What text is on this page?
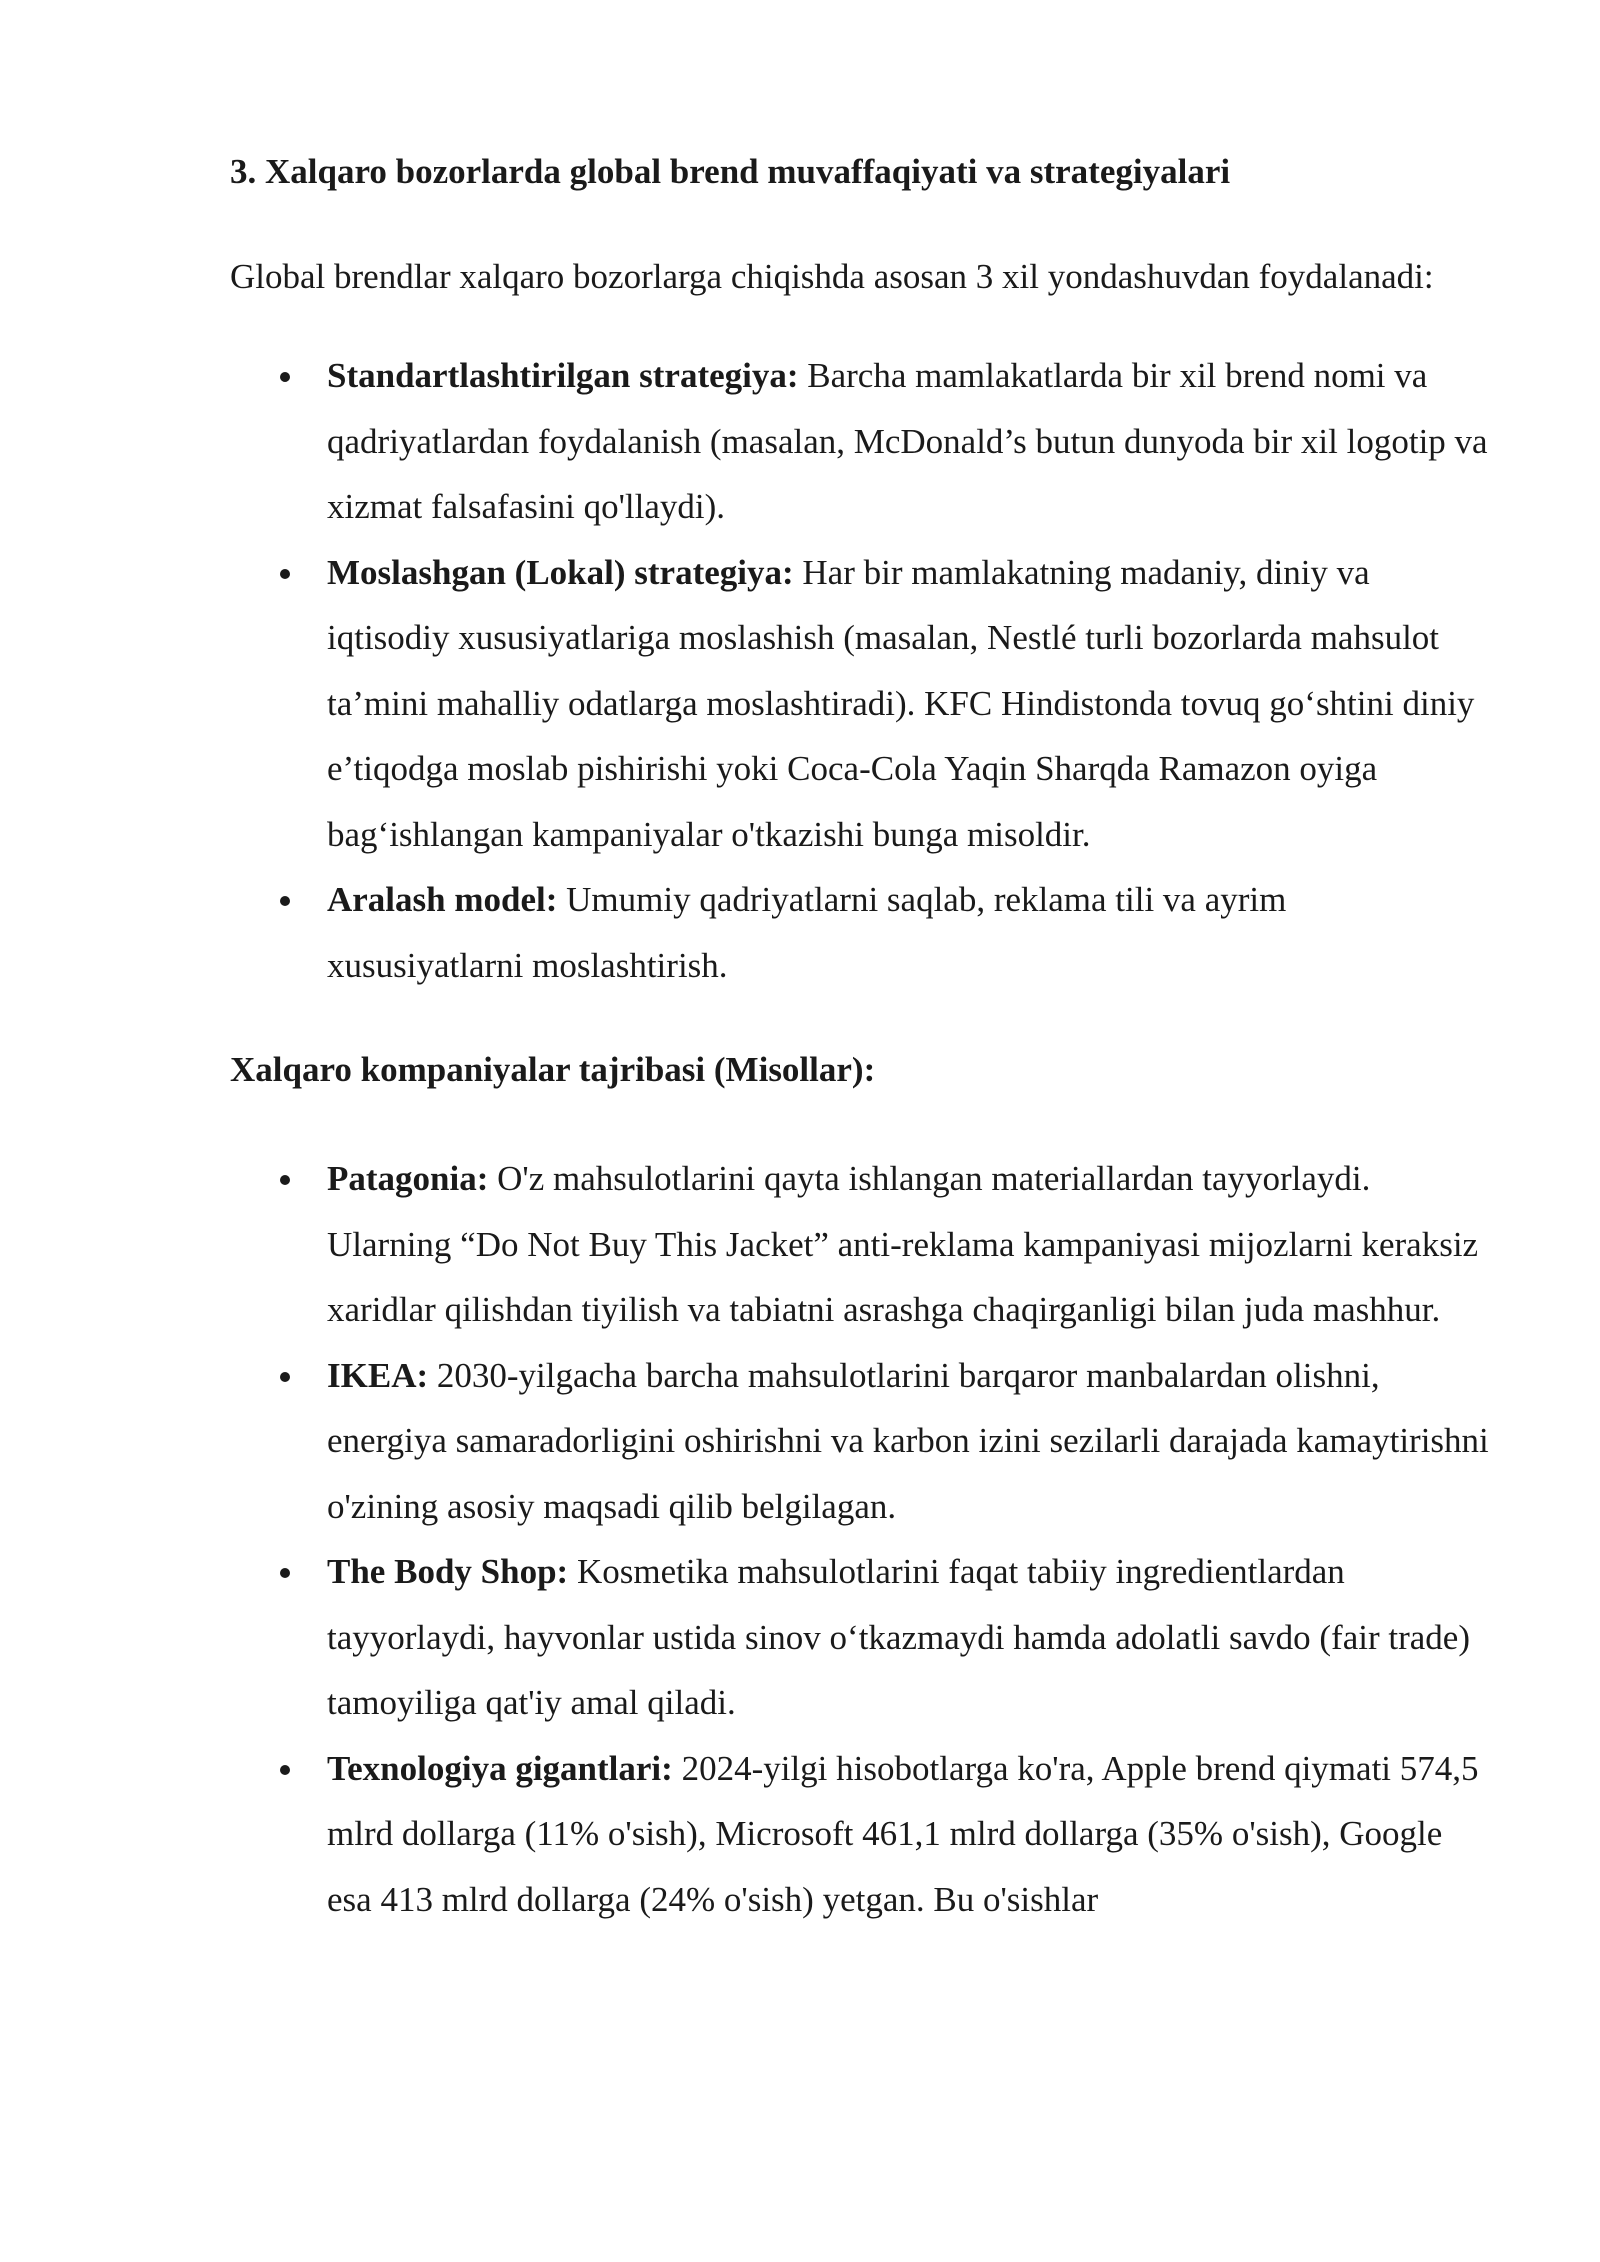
3. Xalqaro bozorlarda global brend muvaffaqiyati va strategiyalari

Global brendlar xalqaro bozorlarga chiqishda asosan 3 xil yondashuvdan foydalanadi:

Standartlashtirilgan strategiya: Barcha mamlakatlarda bir xil brend nomi va qadriyatlardan foydalanish (masalan, McDonald’s butun dunyoda bir xil logotip va xizmat falsafasini qo'llaydi).
Moslashgan (Lokal) strategiya: Har bir mamlakatning madaniy, diniy va iqtisodiy xususiyatlariga moslashish (masalan, Nestlé turli bozorlarda mahsulot ta’mini mahalliy odatlarga moslashtiradi). KFC Hindistonda tovuq go‘shtini diniy e’tiqodga moslab pishirishi yoki Coca-Cola Yaqin Sharqda Ramazon oyiga bag‘ishlangan kampaniyalar o'tkazishi bunga misoldir.
Aralash model: Umumiy qadriyatlarni saqlab, reklama tili va ayrim xususiyatlarni moslashtirish.
Xalqaro kompaniyalar tajribasi (Misollar):
Patagonia: O'z mahsulotlarini qayta ishlangan materiallardan tayyorlaydi. Ularning “Do Not Buy This Jacket” anti-reklama kampaniyasi mijozlarni keraksiz xaridlar qilishdan tiyilish va tabiatni asrashga chaqirganligi bilan juda mashhur.
IKEA: 2030-yilgacha barcha mahsulotlarini barqaror manbalardan olishni, energiya samaradorligini oshirishni va karbon izini sezilarli darajada kamaytirishni o'zining asosiy maqsadi qilib belgilagan.
The Body Shop: Kosmetika mahsulotlarini faqat tabiiy ingredientlardan tayyorlaydi, hayvonlar ustida sinov o‘tkazmaydi hamda adolatli savdo (fair trade) tamoyiliga qat'iy amal qiladi.
Texnologiya gigantlari: 2024-yilgi hisobotlarga ko'ra, Apple brend qiymati 574,5 mlrd dollarga (11% o'sish), Microsoft 461,1 mlrd dollarga (35% o'sish), Google esa 413 mlrd dollarga (24% o'sish) yetgan. Bu o'sishlar
